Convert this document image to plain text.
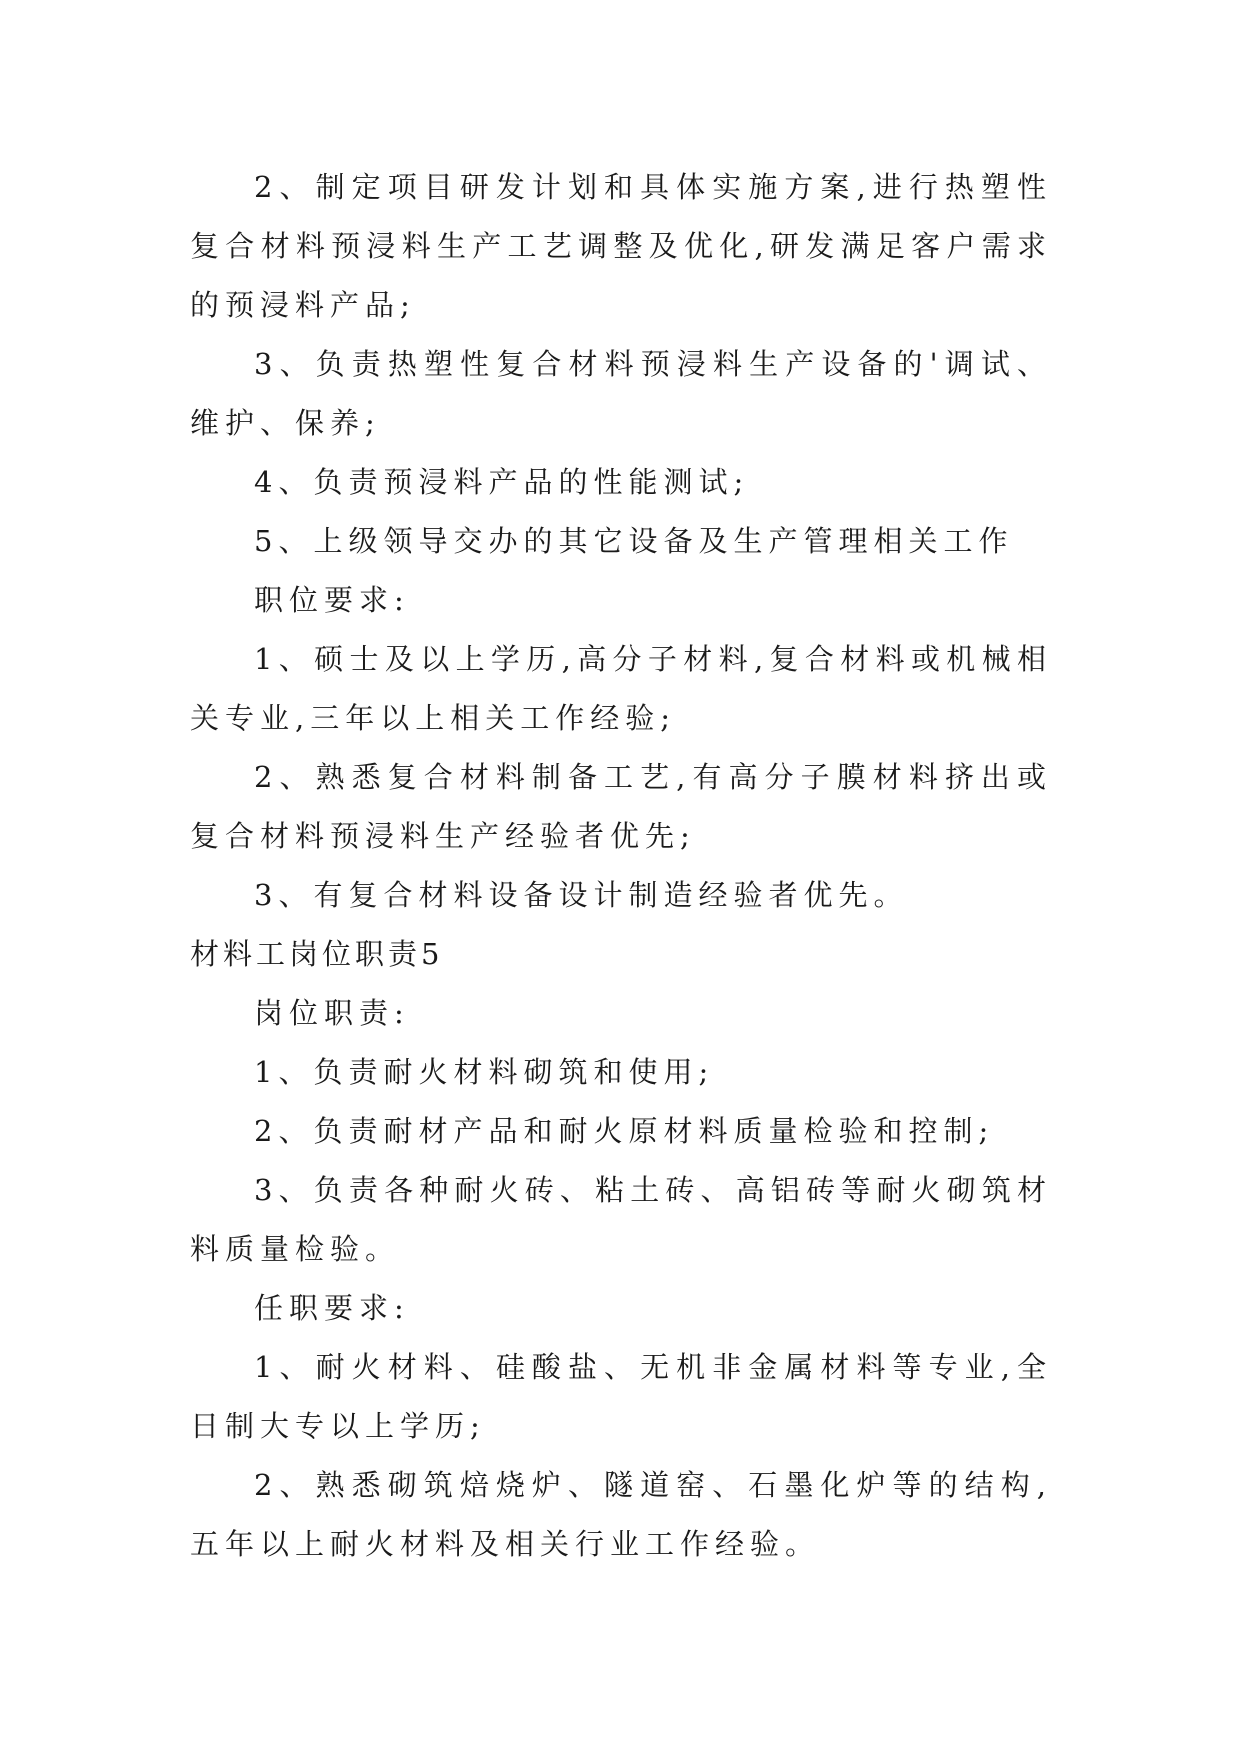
2、制定项目研发计划和具体实施方案,进行热塑性复合材料预浸料生产工艺调整及优化,研发满足客户需求的预浸料产品;

3、负责热塑性复合材料预浸料生产设备的'调试、维护、保养;

4、负责预浸料产品的性能测试;

5、上级领导交办的其它设备及生产管理相关工作

职位要求:

1、硕士及以上学历,高分子材料,复合材料或机械相关专业,三年以上相关工作经验;

2、熟悉复合材料制备工艺,有高分子膜材料挤出或复合材料预浸料生产经验者优先;

3、有复合材料设备设计制造经验者优先。

材料工岗位职责5

岗位职责:

1、负责耐火材料砌筑和使用;

2、负责耐材产品和耐火原材料质量检验和控制;

3、负责各种耐火砖、粘土砖、高铝砖等耐火砌筑材料质量检验。

任职要求:

1、耐火材料、硅酸盐、无机非金属材料等专业,全日制大专以上学历;

2、熟悉砌筑焙烧炉、隧道窑、石墨化炉等的结构,五年以上耐火材料及相关行业工作经验。
